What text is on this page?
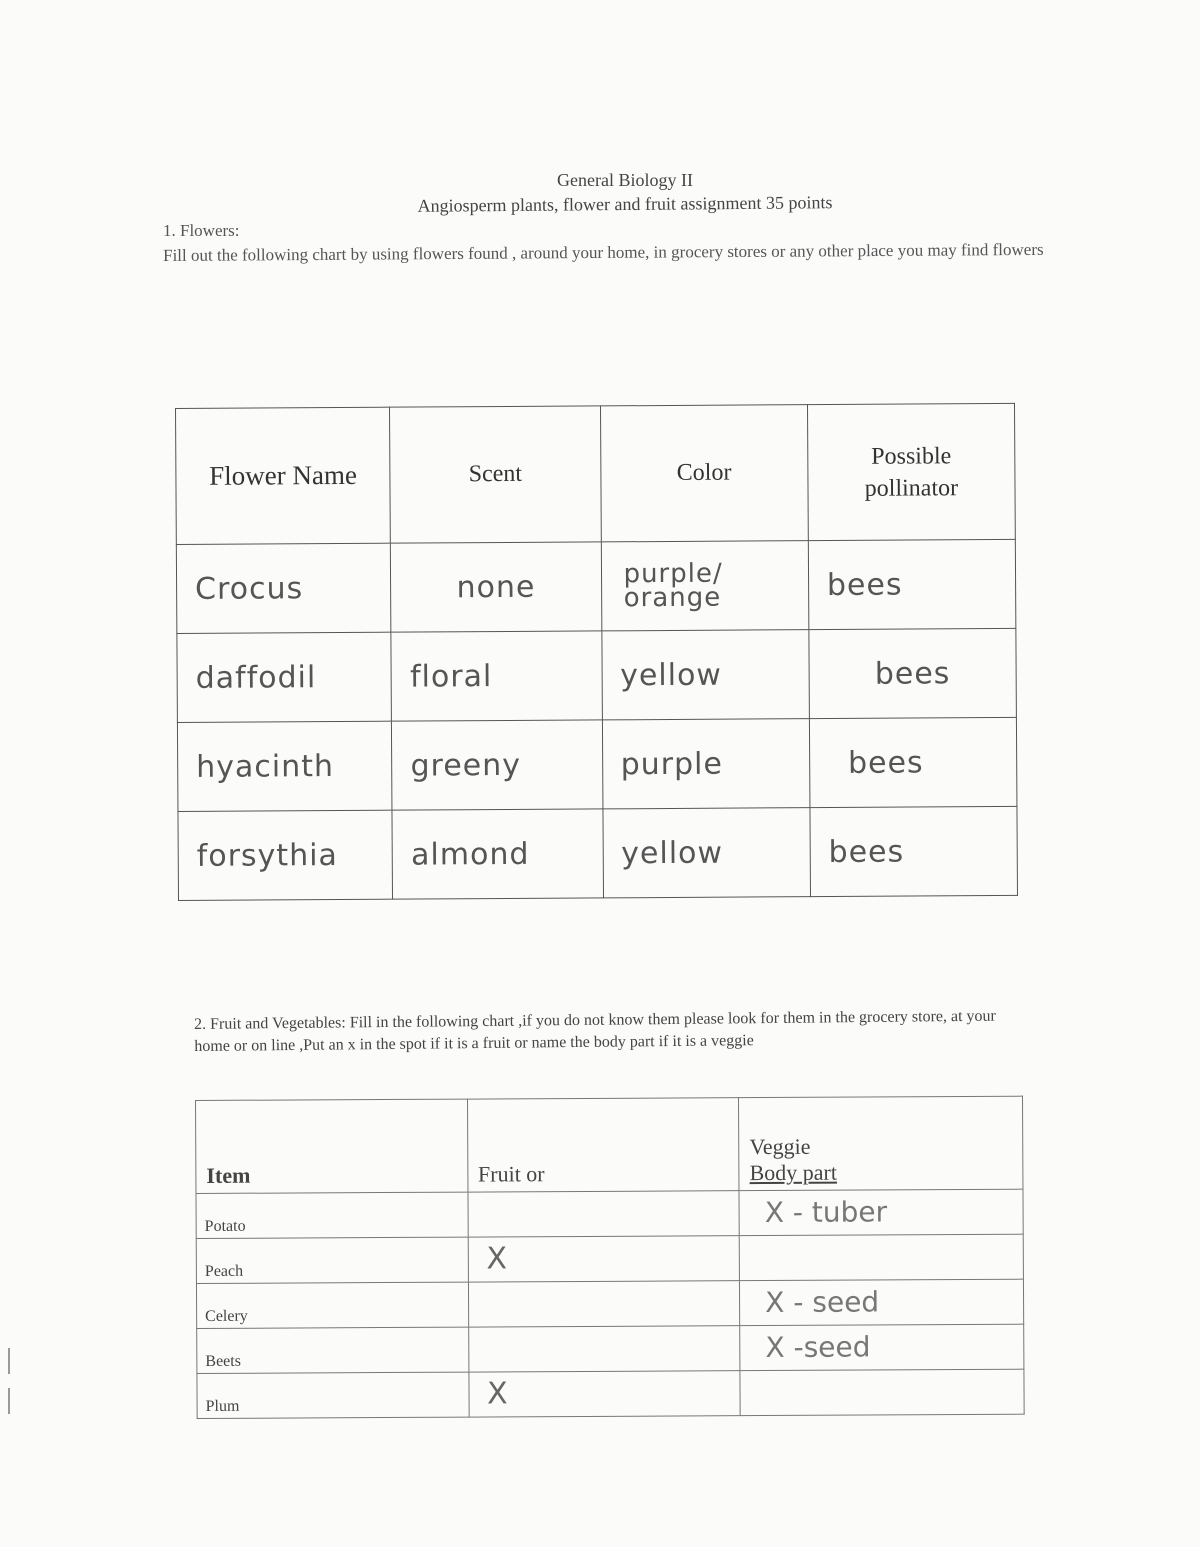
General Biology II
Angiosperm plants, flower and fruit assignment 35 points
1. Flowers:
Fill out the following chart by using flowers found , around your home, in grocery stores or any other place you may find flowers
Flower Name	Scent	Color	Possible pollinator
Crocus	none	purple/ orange	bees
daffodil	floral	yellow	bees
hyacinth	greeny	purple	bees
forsythia	almond	yellow	bees
2. Fruit and Vegetables: Fill in the following chart ,if you do not know them please look for them in the grocery store, at your home or on line ,Put an x in the spot if it is a fruit or name the body part if it is a veggie
Item	Fruit or	Veggie
Body part

Potato		X - tuber
Peach	X	
Celery		X - seed
Beets		X -seed
Plum	X	
